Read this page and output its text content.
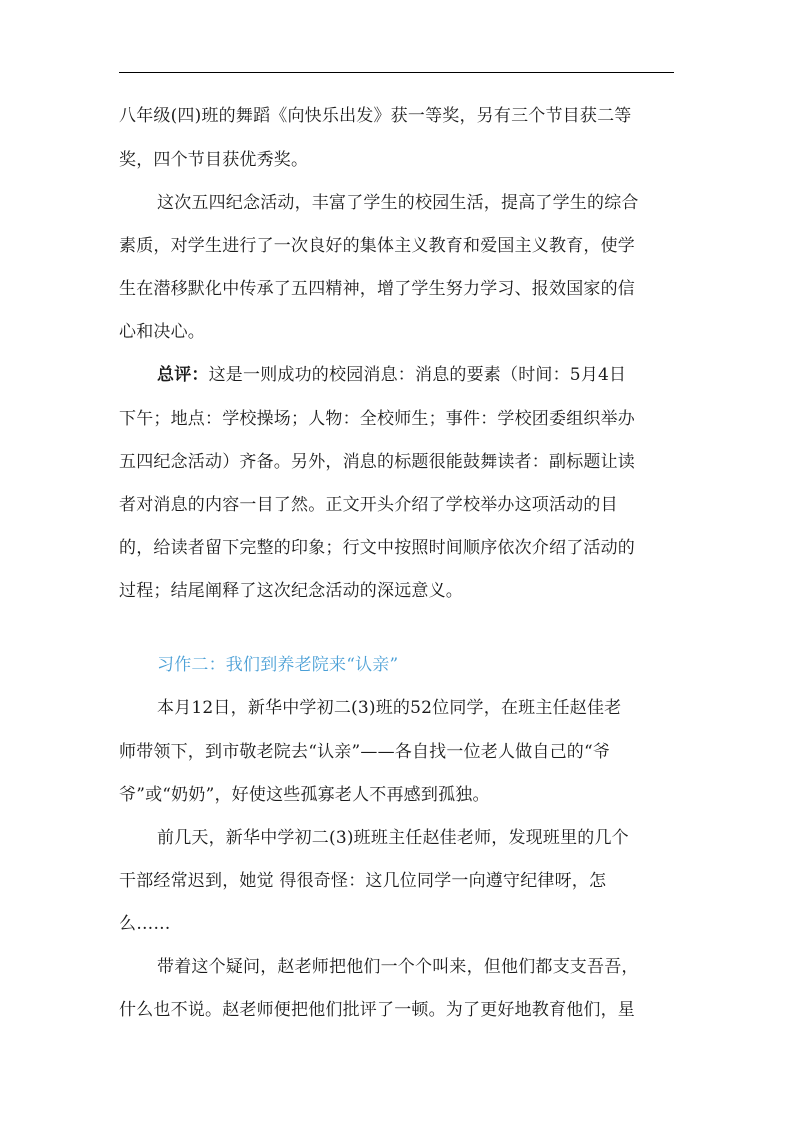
八年级(四)班的舞蹈《向快乐出发》获一等奖，另有三个节目获二等
奖，四个节目获优秀奖。
这次五四纪念活动，丰富了学生的校园生活，提高了学生的综合
素质，对学生进行了一次良好的集体主义教育和爱国主义教育，使学
生在潜移默化中传承了五四精神，增了学生努力学习、报效国家的信
心和决心。
总评：这是一则成功的校园消息：消息的要素（时间：5月4日
下午；地点：学校操场；人物：全校师生；事件：学校团委组织举办
五四纪念活动）齐备。另外，消息的标题很能鼓舞读者：副标题让读
者对消息的内容一目了然。正文开头介绍了学校举办这项活动的目
的，给读者留下完整的印象；行文中按照时间顺序依次介绍了活动的
过程；结尾阐释了这次纪念活动的深远意义。
习作二：我们到养老院来“认亲”
本月12日，新华中学初二(3)班的52位同学，在班主任赵佳老
师带领下，到市敬老院去“认亲”——各自找一位老人做自己的“爷
爷”或“奶奶”，好使这些孤寡老人不再感到孤独。
前几天，新华中学初二(3)班班主任赵佳老师，发现班里的几个
干部经常迟到，她觉 得很奇怪：这几位同学一向遵守纪律呀，怎
么……
带着这个疑问，赵老师把他们一个个叫来，但他们都支支吾吾，
什么也不说。赵老师便把他们批评了一顿。为了更好地教育他们，星
